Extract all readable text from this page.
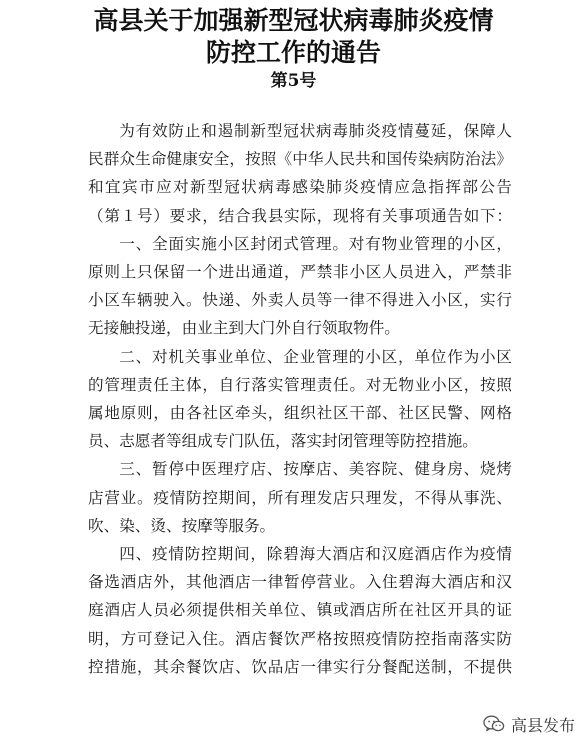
高县关于加强新型冠状病毒肺炎疫情
防控工作的通告
第5号
为有效防止和遏制新型冠状病毒肺炎疫情蔓延，保障人
民群众生命健康安全，按照《中华人民共和国传染病防治法》
和宜宾市应对新型冠状病毒感染肺炎疫情应急指挥部公告
（第１号）要求，结合我县实际，现将有关事项通告如下：
一、全面实施小区封闭式管理。对有物业管理的小区，
原则上只保留一个进出通道，严禁非小区人员进入，严禁非
小区车辆驶入。快递、外卖人员等一律不得进入小区，实行
无接触投递，由业主到大门外自行领取物件。
二、对机关事业单位、企业管理的小区，单位作为小区
的管理责任主体，自行落实管理责任。对无物业小区，按照
属地原则，由各社区牵头，组织社区干部、社区民警、网格
员、志愿者等组成专门队伍，落实封闭管理等防控措施。
三、暂停中医理疗店、按摩店、美容院、健身房、烧烤
店营业。疫情防控期间，所有理发店只理发，不得从事洗、
吹、染、烫、按摩等服务。
四、疫情防控期间，除碧海大酒店和汉庭酒店作为疫情
备选酒店外，其他酒店一律暂停营业。入住碧海大酒店和汉
庭酒店人员必须提供相关单位、镇或酒店所在社区开具的证
明，方可登记入住。酒店餐饮严格按照疫情防控指南落实防
控措施，其余餐饮店、饮品店一律实行分餐配送制，不提供
高县发布
